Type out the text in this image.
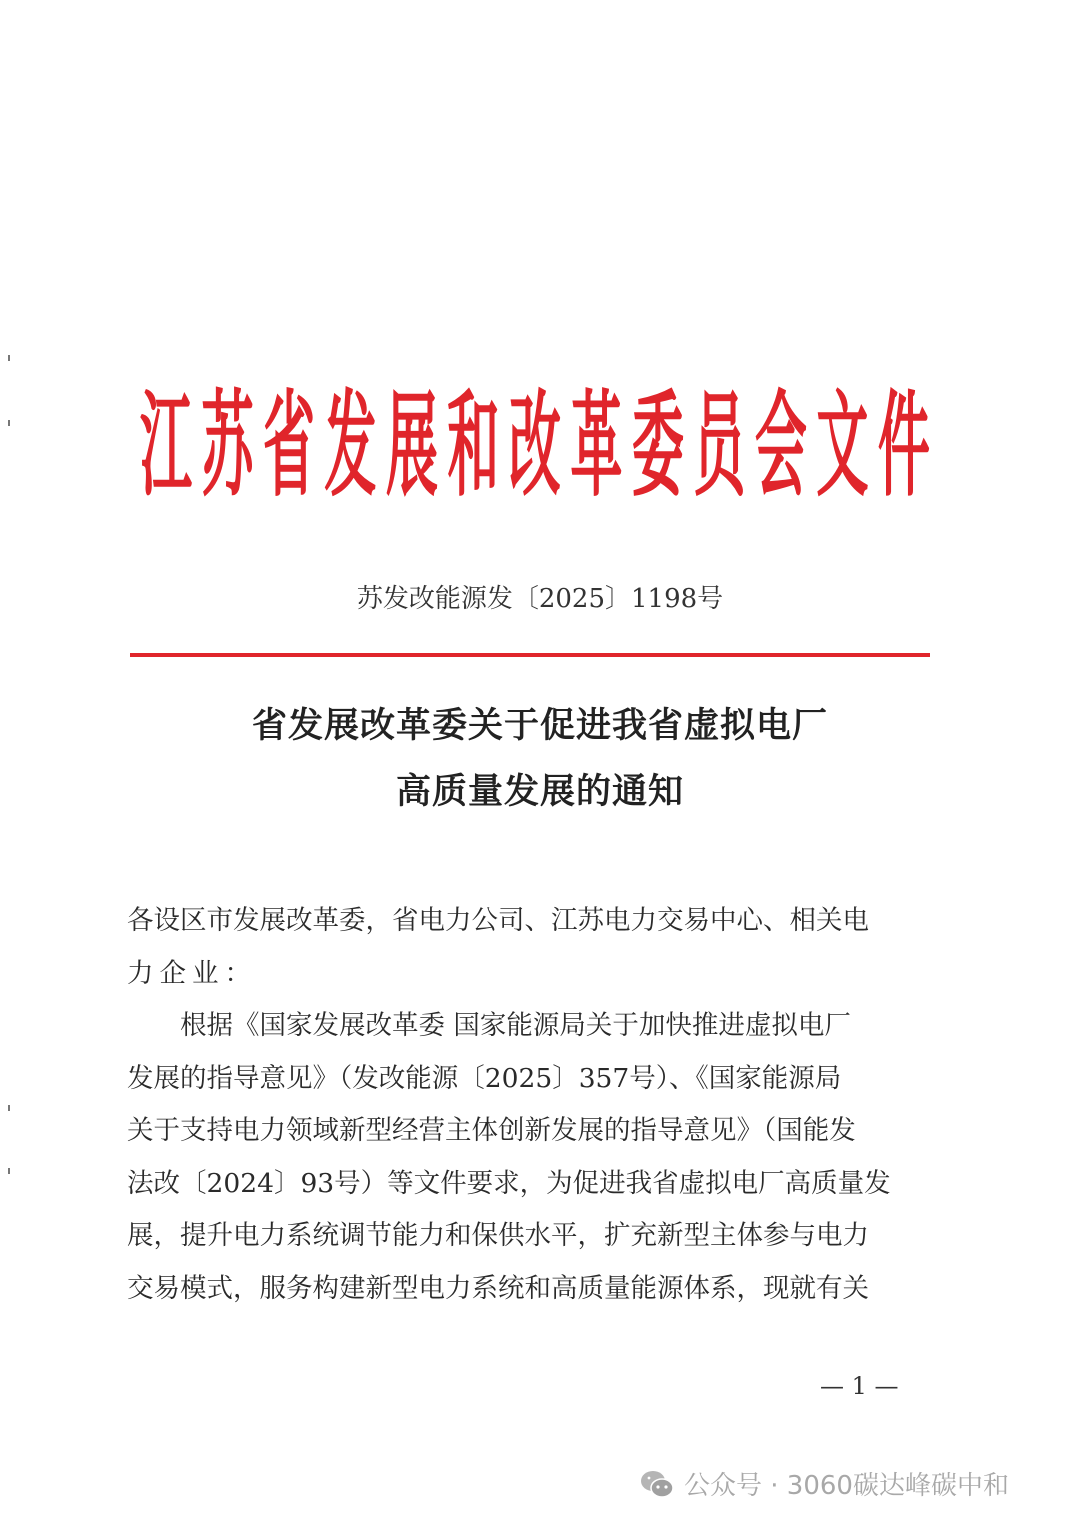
江 苏 省 发 展 和 改 革 委 员 会 文 件
苏发改能源发〔2025〕1198号
省发展改革委关于促进我省虚拟电厂
高质量发展的通知
各设区市发展改革委，省电力公司、江苏电力交易中心、相关电
力企业：
　　根据《国家发展改革委 国家能源局关于加快推进虚拟电厂
发展的指导意见》（发改能源〔2025〕357号）、《国家能源局
关于支持电力领域新型经营主体创新发展的指导意见》（国能发
法改〔2024〕93号）等文件要求，为促进我省虚拟电厂高质量发
展，提升电力系统调节能力和保供水平，扩充新型主体参与电力
交易模式，服务构建新型电力系统和高质量能源体系，现就有关
— 1 —
公众号 · 3060碳达峰碳中和
